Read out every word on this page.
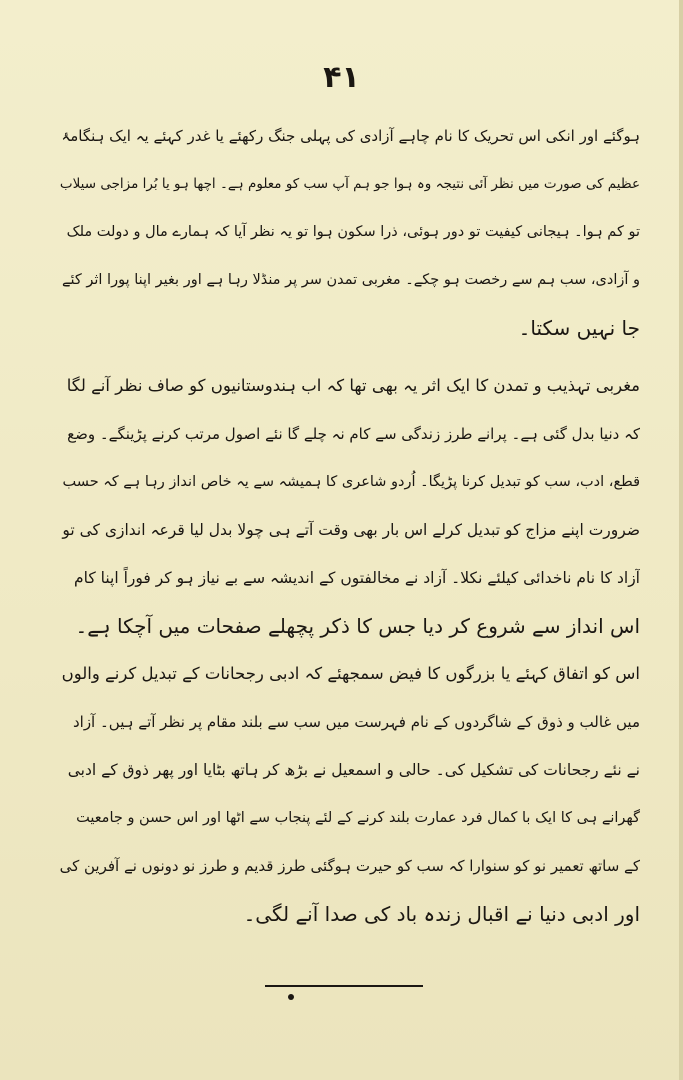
۴۱
ہوگئے اور انکی اس تحریک کا نام چاہے آزادی کی پہلی جنگ رکھئے یا غدر کہئے یہ ایک ہنگامۂ
عظیم کی صورت میں نظر آئی نتیجہ وہ ہوا جو ہم آپ سب کو معلوم ہے۔ اچھا ہو یا بُرا مزاجی سیلاب
تو کم ہوا۔ ہیجانی کیفیت تو دور ہوئی، ذرا سکون ہوا تو یہ نظر آیا کہ ہمارے مال و دولت ملک
و آزادی، سب ہم سے رخصت ہو چکے۔ مغربی تمدن سر پر منڈلا رہا ہے اور بغیر اپنا پورا اثر کئے
جا نہیں سکتا۔
مغربی تہذیب و تمدن کا ایک اثر یہ بھی تھا کہ اب ہندوستانیوں کو صاف نظر آنے لگا
کہ دنیا بدل گئی ہے۔ پرانے طرز زندگی سے کام نہ چلے گا نئے اصول مرتب کرنے پڑینگے۔ وضع
قطع، ادب، سب کو تبدیل کرنا پڑیگا۔ اُردو شاعری کا ہمیشہ سے یہ خاص انداز رہا ہے کہ حسب
ضرورت اپنے مزاج کو تبدیل کرلے اس بار بھی وقت آتے ہی چولا بدل لیا قرعہ اندازی کی تو
آزاد کا نام ناخدائی کیلئے نکلا۔ آزاد نے مخالفتوں کے اندیشہ سے بے نیاز ہو کر فوراً اپنا کام
اس انداز سے شروع کر دیا جس کا ذکر پچھلے صفحات میں آچکا ہے۔
اس کو اتفاق کہئے یا بزرگوں کا فیض سمجھئے کہ ادبی رجحانات کے تبدیل کرنے والوں
میں غالب و ذوق کے شاگردوں کے نام فہرست میں سب سے بلند مقام پر نظر آتے ہیں۔ آزاد
نے نئے رجحانات کی تشکیل کی۔ حالی و اسمعیل نے بڑھ کر ہاتھ بٹایا اور پھر ذوق کے ادبی
گھرانے ہی کا ایک با کمال فرد عمارت بلند کرنے کے لئے پنجاب سے اٹھا اور اس حسن و جامعیت
کے ساتھ تعمیر نو کو سنوارا کہ سب کو حیرت ہوگئی طرز قدیم و طرز نو دونوں نے آفرین کی
اور ادبی دنیا نے اقبال زندہ باد کی صدا آنے لگی۔
